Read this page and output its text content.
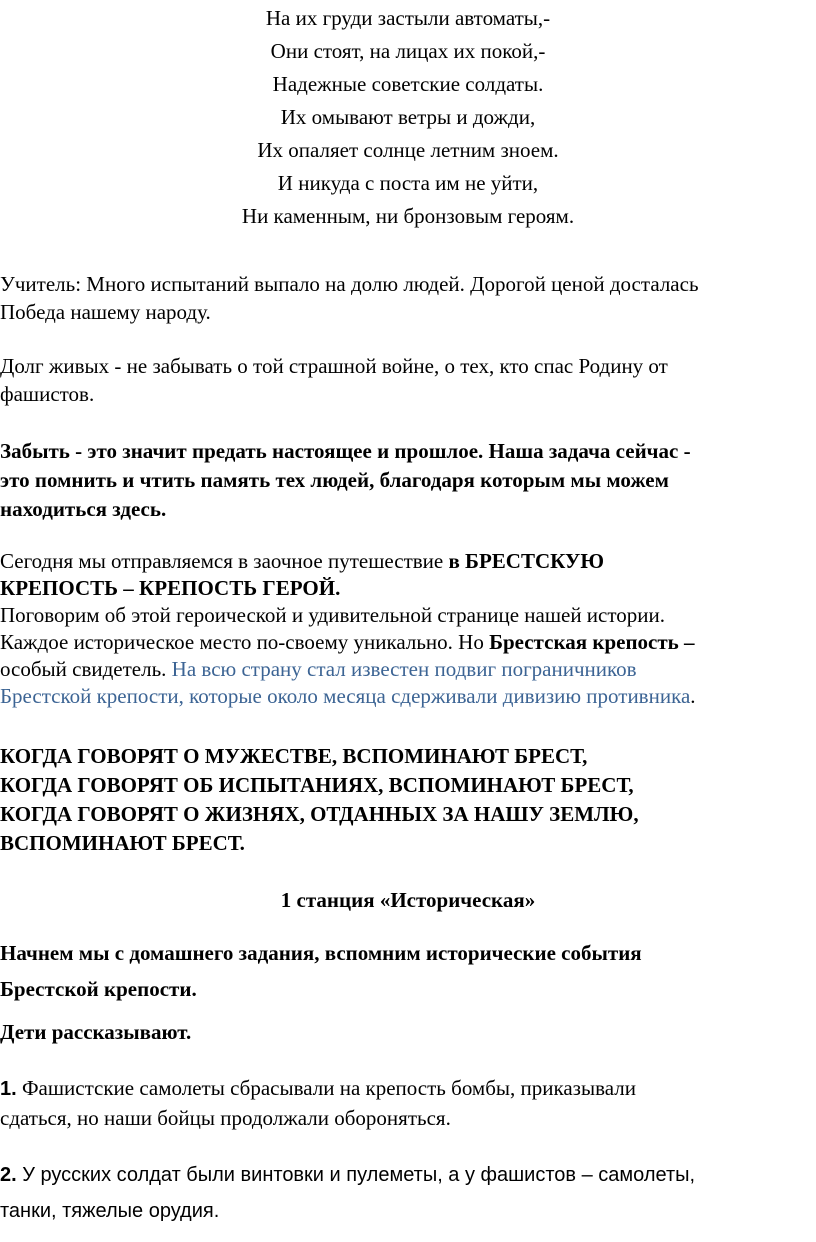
На их груди застыли автоматы,-
Они стоят, на лицах их покой,-
Надежные советские солдаты.
Их омывают ветры и дожди,
Их опаляет солнце летним зноем.
И никуда с поста им не уйти,
Ни каменным, ни бронзовым героям.
Учитель: Много испытаний выпало на долю людей. Дорогой ценой досталась
Победа нашему народу.
Долг живых - не забывать о той страшной войне, о тех, кто спас Родину от
фашистов.
Забыть - это значит предать настоящее и прошлое. Наша задача сейчас -
это помнить и чтить память тех людей, благодаря которым мы можем
находиться здесь.
Сегодня мы отправляемся в заочное путешествие в БРЕСТСКУЮ
КРЕПОСТЬ – КРЕПОСТЬ ГЕРОЙ.
Поговорим об этой героической и удивительной странице нашей истории.
Каждое историческое место по-своему уникально. Но Брестская крепость –
особый свидетель. На всю страну стал известен подвиг пограничников
Брестской крепости, которые около месяца сдерживали дивизию противника.
КОГДА ГОВОРЯТ О МУЖЕСТВЕ, ВСПОМИНАЮТ БРЕСТ,
КОГДА ГОВОРЯТ ОБ ИСПЫТАНИЯХ, ВСПОМИНАЮТ БРЕСТ,
КОГДА ГОВОРЯТ О ЖИЗНЯХ, ОТДАННЫХ ЗА НАШУ ЗЕМЛЮ,
ВСПОМИНАЮТ БРЕСТ.
1 станция «Историческая»
Начнем мы с домашнего задания, вспомним исторические события
Брестской крепости.
Дети рассказывают.
1. Фашистские самолеты сбрасывали на крепость бомбы, приказывали
сдаться, но наши бойцы продолжали обороняться.
2. У русских солдат были винтовки и пулеметы, а у фашистов – самолеты,
танки, тяжелые орудия.
